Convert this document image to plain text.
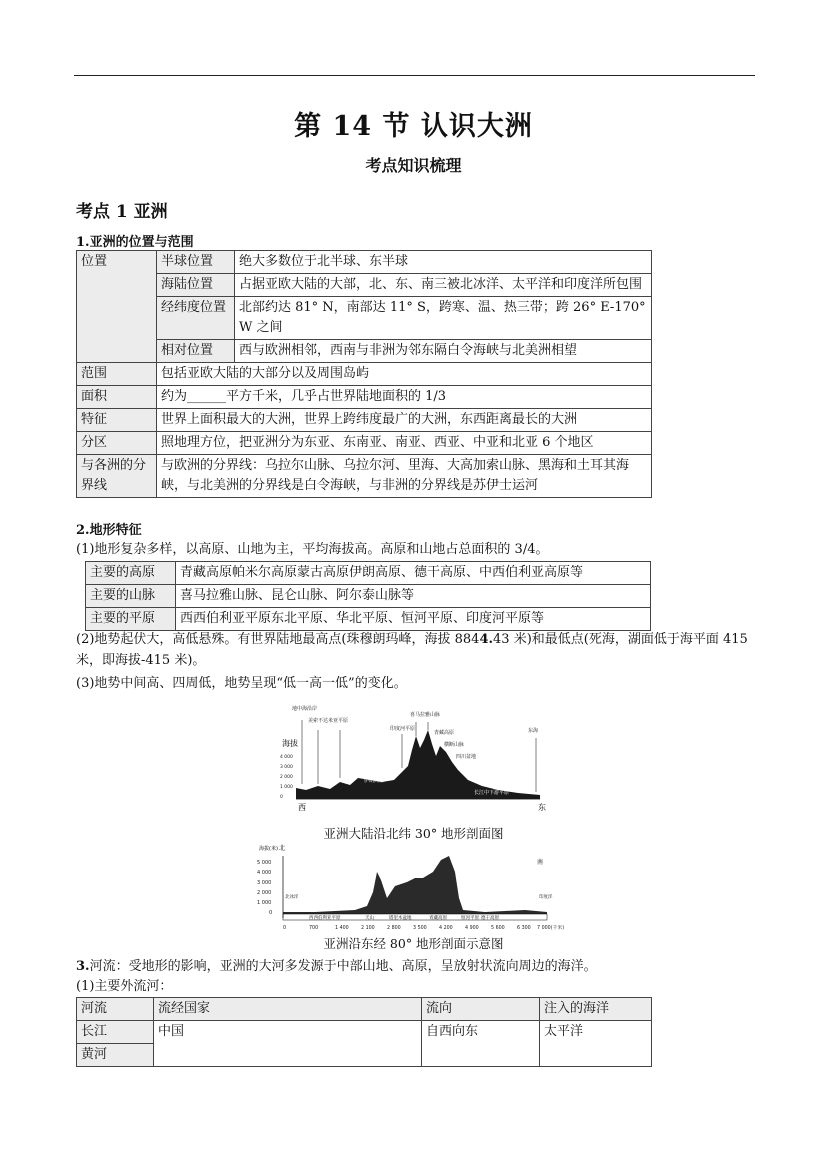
第 14 节 认识大洲
考点知识梳理
考点 1 亚洲
1.亚洲的位置与范围
位置	半球位置	绝大多数位于北半球、东半球
	海陆位置	占据亚欧大陆的大部，北、东、南三被北冰洋、太平洋和印度洋所包围
	经纬度位置	北部约达 81° N，南部达 11° S，跨寒、温、热三带；跨 26° E-170° W 之间
	相对位置	西与欧洲相邻，西南与非洲为邻东隔白令海峡与北美洲相望
范围	包括亚欧大陆的大部分以及周围岛屿	
面积	约为______平方千米，几乎占世界陆地面积的 1/3	
特征	世界上面积最大的大洲，世界上跨纬度最广的大洲，东西距离最长的大洲	
分区	照地理方位，把亚洲分为东亚、东南亚、南亚、西亚、中亚和北亚 6 个地区	
与各洲的分界线	与欧洲的分界线：乌拉尔山脉、乌拉尔河、里海、大高加索山脉、黑海和土耳其海峡，与北美洲的分界线是白令海峡，与非洲的分界线是苏伊士运河	
2.地形特征
(1)地形复杂多样，以高原、山地为主，平均海拔高。高原和山地占总面积的 3/4。
主要的高原	青藏高原帕米尔高原蒙古高原伊朗高原、德干高原、中西伯利亚高原等
主要的山脉	喜马拉雅山脉、昆仑山脉、阿尔泰山脉等
主要的平原	西西伯利亚平原东北平原、华北平原、恒河平原、印度河平原等
(2)地势起伏大，高低悬殊。有世界陆地最高点(珠穆朗玛峰，海拔 8844.43 米)和最低点(死海，湖面低于海平面 415 米，即海拔-415 米)。
(3)地势中间高、四周低，地势呈现“低一高一低”的变化。
海拔
4 000
3 000
2 000
1 000
0
地中海沿岸
美索不达米亚平原
伊朗高原
印度河平原
喜马拉雅山脉
青藏高原
横断山脉
四川盆地
长江中下游平原
东海
西	东
亚洲大陆沿北纬 30° 地形剖面图
海拔(米) 北
南
5 000
4 000
3 000
2 000
1 000
0
西西伯利亚平原	天山	塔里木盆地	青藏高原	恒河平原 德干高原
北冰洋	印度洋
0	700	1 400	2 100	2 800	3 500	4 200	4 900	5 600	6 300 7 000(千米)
亚洲沿东经 80° 地形剖面示意图
3.河流：受地形的影响，亚洲的大河多发源于中部山地、高原，呈放射状流向周边的海洋。
(1)主要外流河：
河流	流经国家	流向	注入的海洋
长江	中国	自西向东	太平洋
黄河			
